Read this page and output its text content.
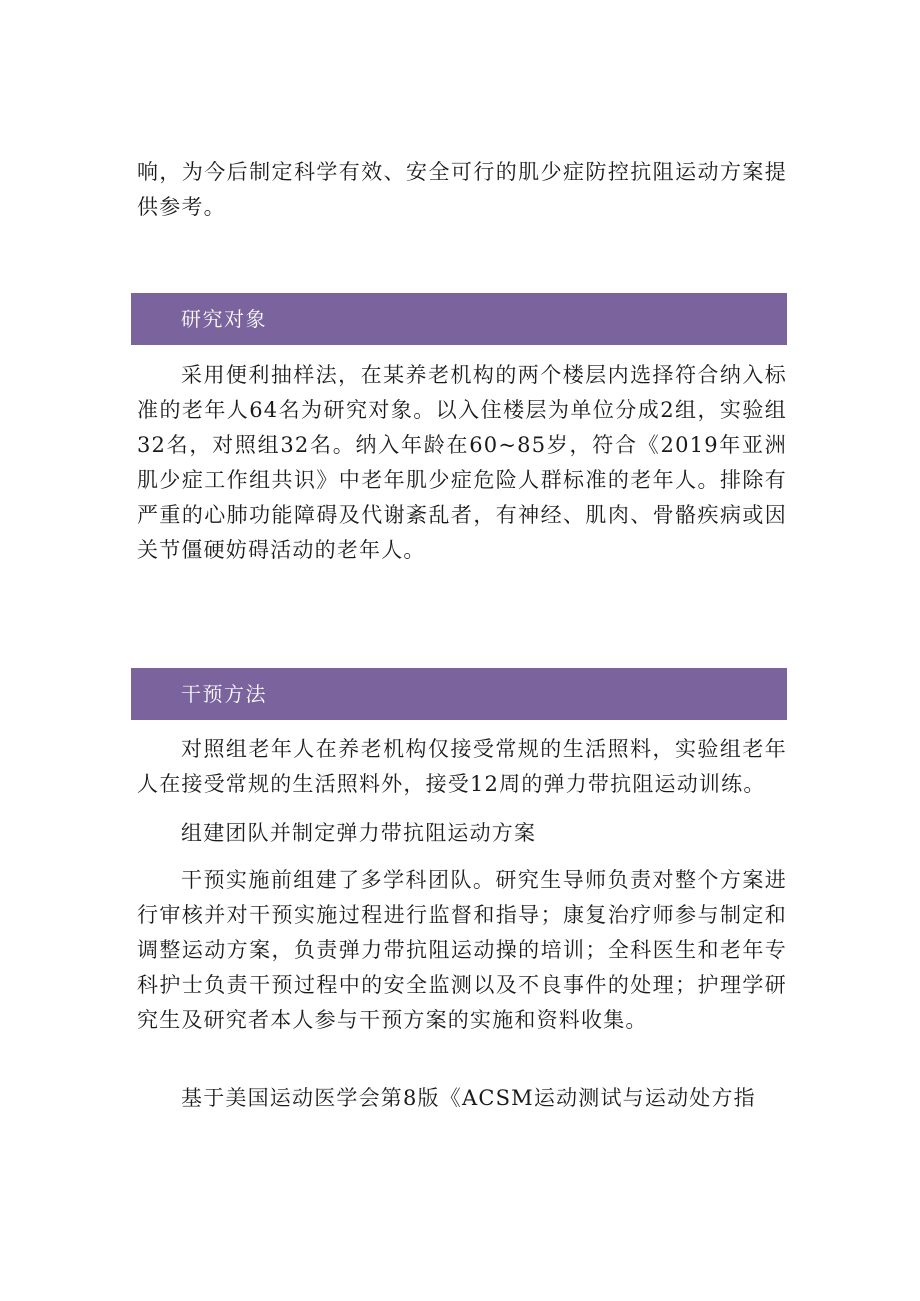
响，为今后制定科学有效、安全可行的肌少症防控抗阻运动方案提供参考。

研究对象

采用便利抽样法，在某养老机构的两个楼层内选择符合纳入标准的老年人64名为研究对象。以入住楼层为单位分成2组，实验组32名，对照组32名。纳入年龄在60~85岁，符合《2019年亚洲肌少症工作组共识》中老年肌少症危险人群标准的老年人。排除有严重的心肺功能障碍及代谢紊乱者，有神经、肌肉、骨骼疾病或因关节僵硬妨碍活动的老年人。

干预方法

对照组老年人在养老机构仅接受常规的生活照料，实验组老年人在接受常规的生活照料外，接受12周的弹力带抗阻运动训练。

组建团队并制定弹力带抗阻运动方案

干预实施前组建了多学科团队。研究生导师负责对整个方案进行审核并对干预实施过程进行监督和指导；康复治疗师参与制定和调整运动方案，负责弹力带抗阻运动操的培训；全科医生和老年专科护士负责干预过程中的安全监测以及不良事件的处理；护理学研究生及研究者本人参与干预方案的实施和资料收集。

基于美国运动医学会第8版《ACSM运动测试与运动处方指
